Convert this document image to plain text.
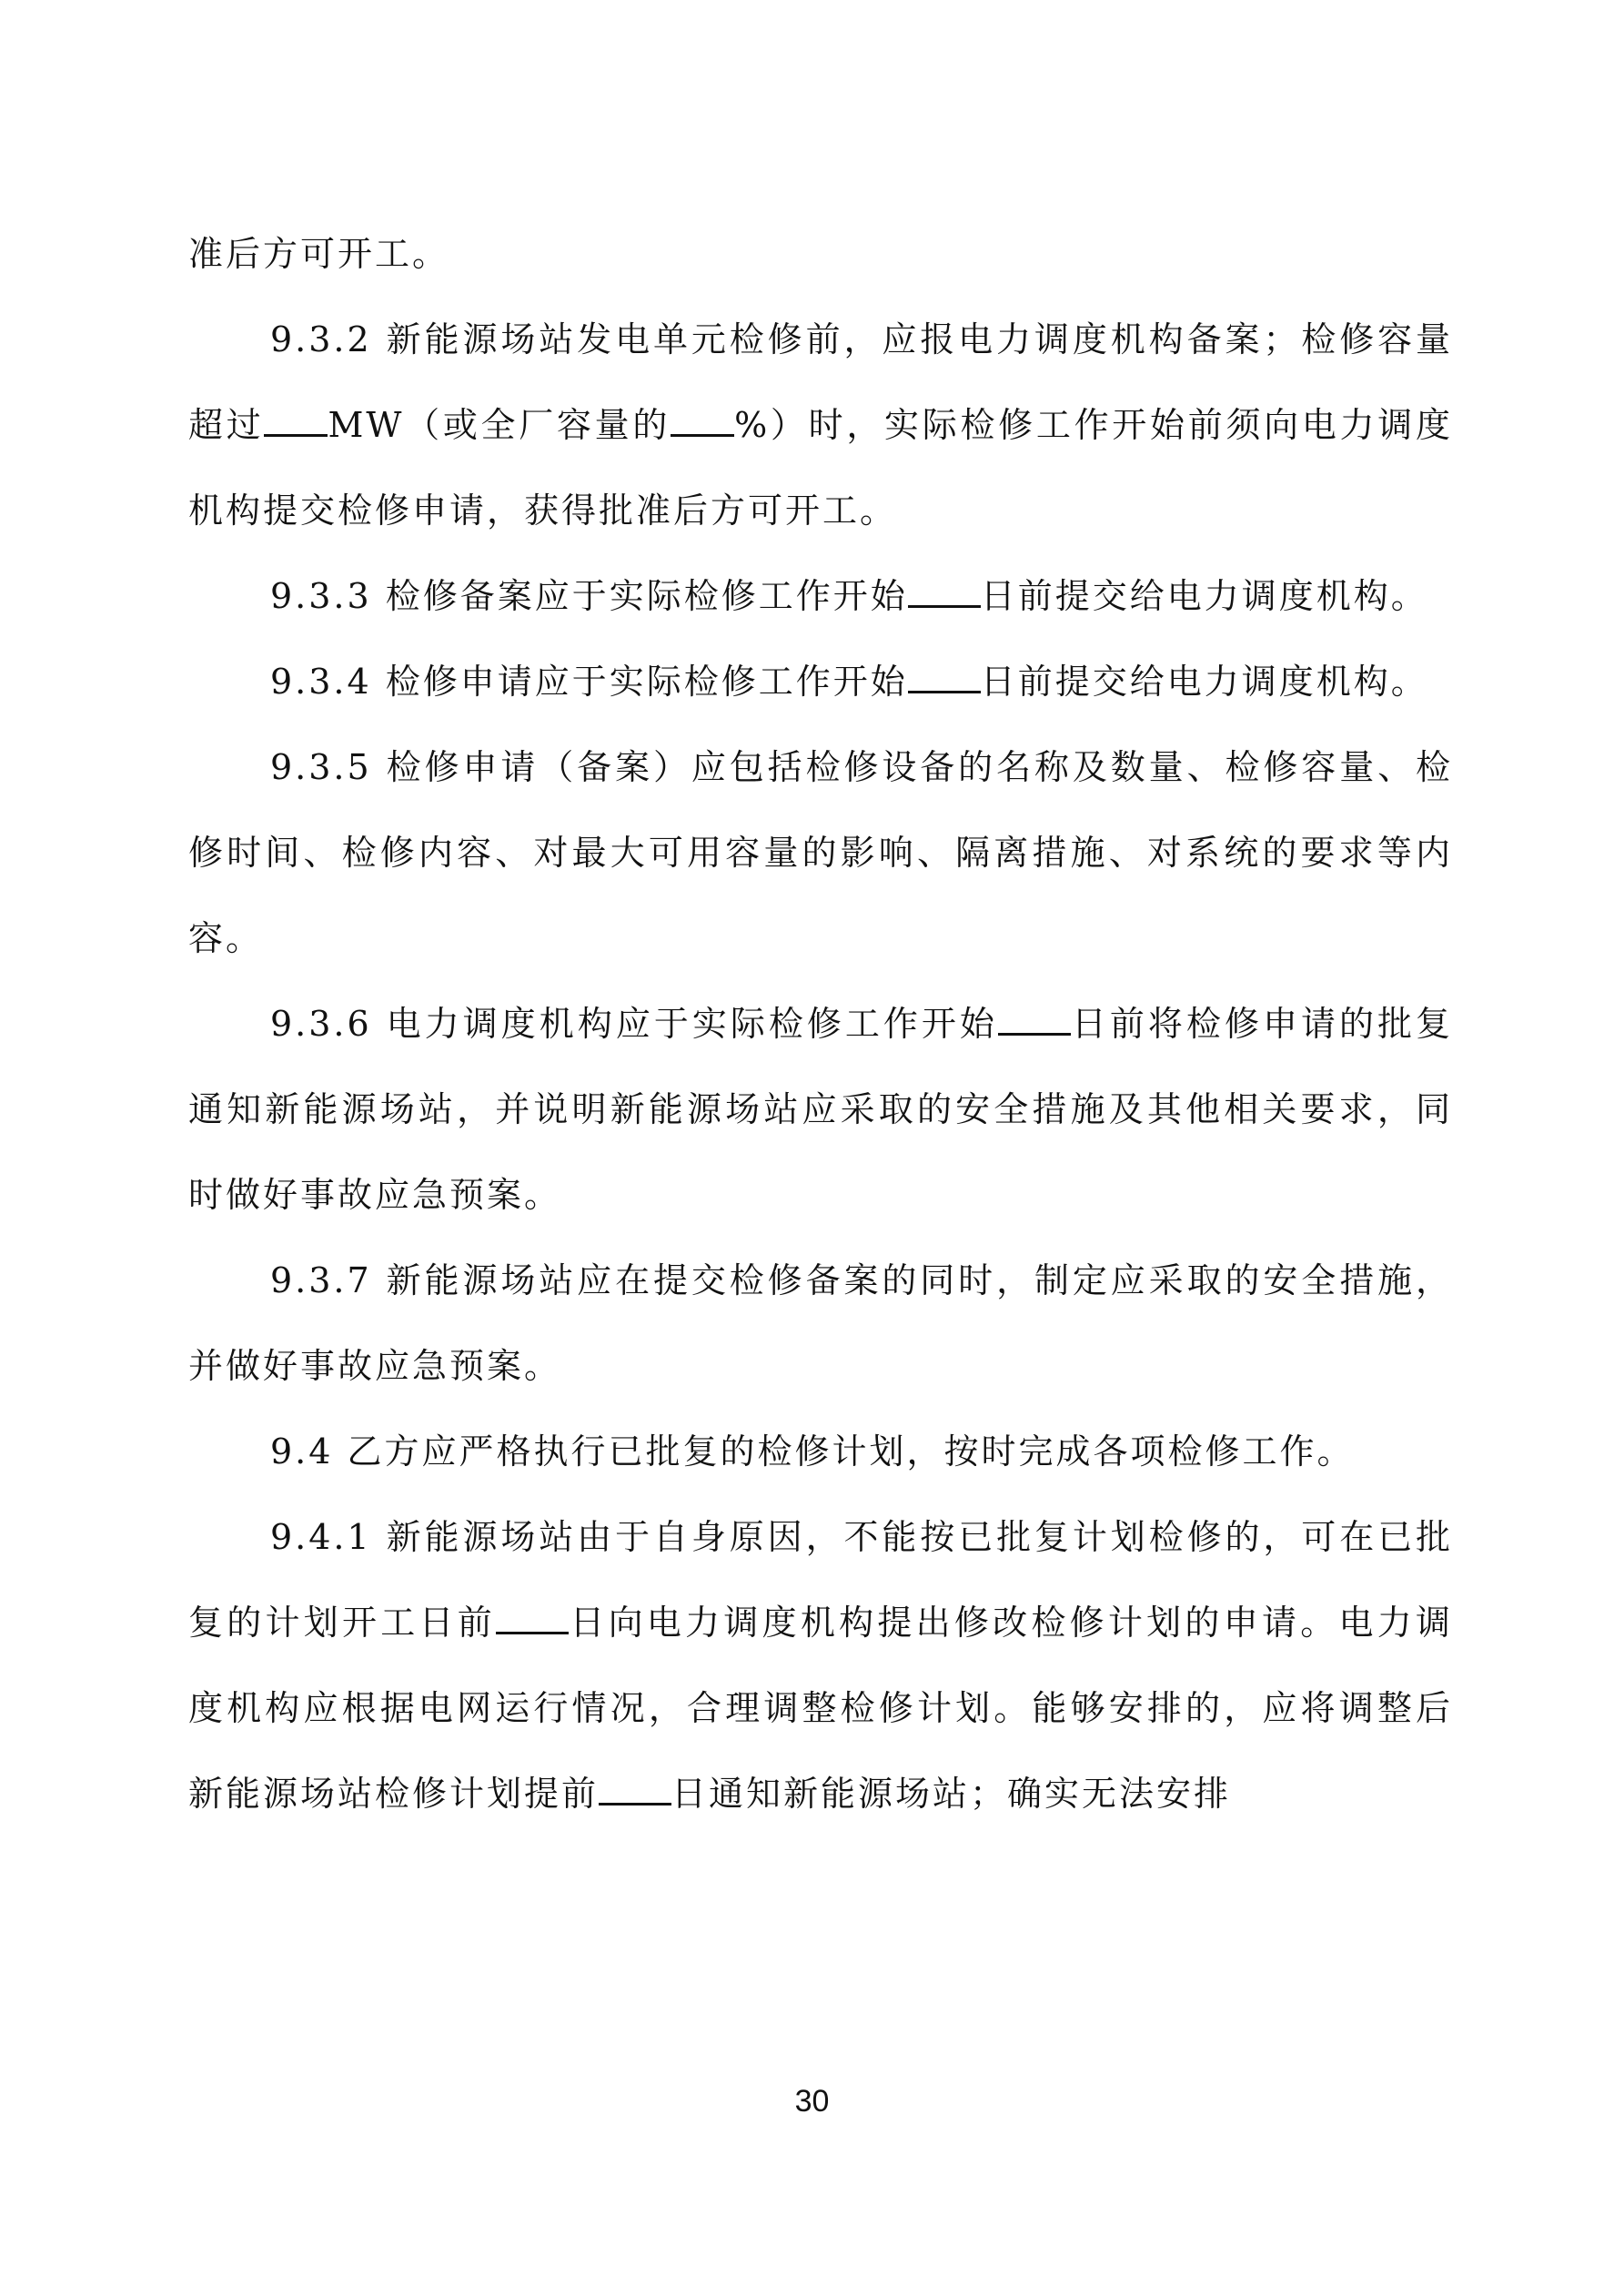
准后方可开工。

9.3.2 新能源场站发电单元检修前，应报电力调度机构备案；检修容量超过 MW（或全厂容量的 %）时，实际检修工作开始前须向电力调度机构提交检修申请，获得批准后方可开工。

9.3.3 检修备案应于实际检修工作开始 日前提交给电力调度机构。

9.3.4 检修申请应于实际检修工作开始 日前提交给电力调度机构。

9.3.5 检修申请（备案）应包括检修设备的名称及数量、检修容量、检修时间、检修内容、对最大可用容量的影响、隔离措施、对系统的要求等内容。

9.3.6 电力调度机构应于实际检修工作开始 日前将检修申请的批复通知新能源场站，并说明新能源场站应采取的安全措施及其他相关要求，同时做好事故应急预案。

9.3.7 新能源场站应在提交检修备案的同时，制定应采取的安全措施，并做好事故应急预案。

9.4 乙方应严格执行已批复的检修计划，按时完成各项检修工作。

9.4.1 新能源场站由于自身原因，不能按已批复计划检修的，可在已批复的计划开工日前 日向电力调度机构提出修改检修计划的申请。电力调度机构应根据电网运行情况，合理调整检修计划。能够安排的，应将调整后新能源场站检修计划提前 日通知新能源场站；确实无法安排

30
